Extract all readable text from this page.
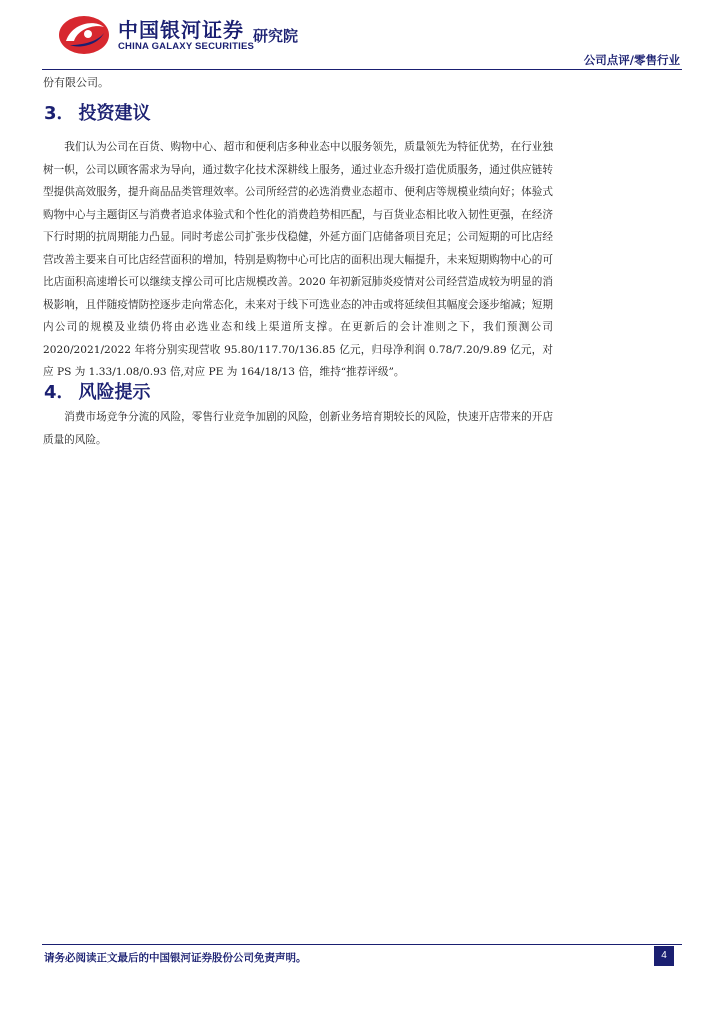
中国银河证券
CHINA GALAXY SECURITIES
研究院
公司点评/零售行业
份有限公司。
3． 投资建议

我们认为公司在百货、购物中心、超市和便利店多种业态中以服务领先，质量领先为特征优势，在行业独树一帜，公司以顾客需求为导向，通过数字化技术深耕线上服务，通过业态升级打造优质服务，通过供应链转型提供高效服务，提升商品品类管理效率。公司所经营的必选消费业态超市、便利店等规模业绩向好；体验式购物中心与主题街区与消费者追求体验式和个性化的消费趋势相匹配，与百货业态相比收入韧性更强，在经济下行时期的抗周期能力凸显。同时考虑公司扩张步伐稳健，外延方面门店储备项目充足；公司短期的可比店经营改善主要来自可比店经营面积的增加，特别是购物中心可比店的面积出现大幅提升，未来短期购物中心的可比店面积高速增长可以继续支撑公司可比店规模改善。2020 年初新冠肺炎疫情对公司经营造成较为明显的消极影响，且伴随疫情防控逐步走向常态化，未来对于线下可选业态的冲击或将延续但其幅度会逐步缩减；短期内公司的规模及业绩仍将由必选业态和线上渠道所支撑。在更新后的会计准则之下，我们预测公司 2020/2021/2022 年将分别实现营收 95.80/117.70/136.85 亿元，归母净利润 0.78/7.20/9.89 亿元，对应 PS 为 1.33/1.08/0.93 倍,对应 PE 为 164/18/13 倍，维持“推荐评级”。

4． 风险提示

消费市场竞争分流的风险，零售行业竞争加剧的风险，创新业务培育期较长的风险，快速开店带来的开店质量的风险。

请务必阅读正文最后的中国银河证券股份公司免责声明。	4
